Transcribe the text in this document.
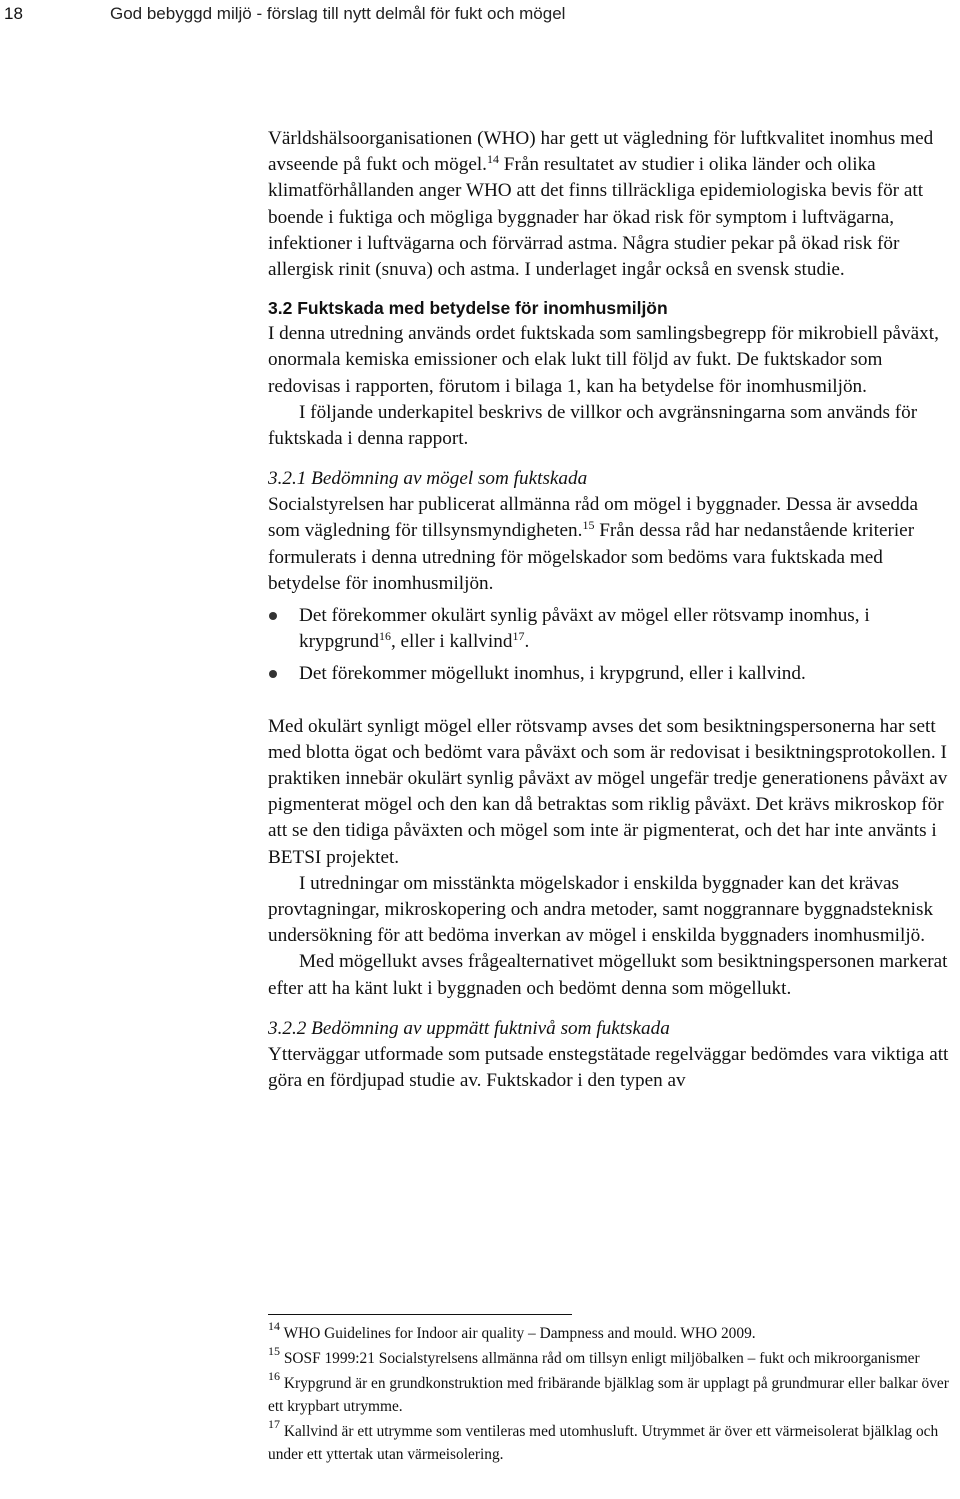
18	God bebyggd miljö - förslag till nytt delmål för fukt och mögel

Världshälsoorganisationen (WHO) har gett ut vägledning för luftkvalitet inomhus med avseende på fukt och mögel.$^{14}$ Från resultatet av studier i olika länder och olika klimatförhållanden anger WHO att det finns tillräckliga epidemiologiska bevis för att boende i fuktiga och mögliga byggnader har ökad risk för symptom i luftvägarna, infektioner i luftvägarna och förvärrad astma. Några studier pekar på ökad risk för allergisk rinit (snuva) och astma. I underlaget ingår också en svensk studie.

3.2 Fuktskada med betydelse för inomhusmiljön

I denna utredning används ordet fuktskada som samlingsbegrepp för mikrobiell påväxt, onormala kemiska emissioner och elak lukt till följd av fukt. De fuktskador som redovisas i rapporten, förutom i bilaga 1, kan ha betydelse för inomhusmiljön.

I följande underkapitel beskrivs de villkor och avgränsningarna som används för fuktskada i denna rapport.

3.2.1 Bedömning av mögel som fuktskada

Socialstyrelsen har publicerat allmänna råd om mögel i byggnader. Dessa är avsedda som vägledning för tillsynsmyndigheten.$^{15}$ Från dessa råd har nedanstående kriterier formulerats i denna utredning för mögelskador som bedöms vara fuktskada med betydelse för inomhusmiljön.

Det förekommer okulärt synlig påväxt av mögel eller rötsvamp inomhus, i krypgrund$^{16}$, eller i kallvind$^{17}$.
Det förekommer mögellukt inomhus, i krypgrund, eller i kallvind.

Med okulärt synligt mögel eller rötsvamp avses det som besiktningspersonerna har sett med blotta ögat och bedömt vara påväxt och som är redovisat i besiktningsprotokollen. I praktiken innebär okulärt synlig påväxt av mögel ungefär tredje generationens påväxt av pigmenterat mögel och den kan då betraktas som riklig påväxt. Det krävs mikroskop för att se den tidiga påväxten och mögel som inte är pigmenterat, och det har inte använts i BETSI projektet.

I utredningar om misstänkta mögelskador i enskilda byggnader kan det krävas provtagningar, mikroskopering och andra metoder, samt noggrannare byggnadsteknisk undersökning för att bedöma inverkan av mögel i enskilda byggnaders inomhusmiljö.

Med mögellukt avses frågealternativet mögellukt som besiktningspersonen markerat efter att ha känt lukt i byggnaden och bedömt denna som mögellukt.

3.2.2 Bedömning av uppmätt fuktnivå som fuktskada

Ytterväggar utformade som putsade enstegstätade regelväggar bedömdes vara viktiga att göra en fördjupad studie av. Fuktskador i den typen av

$^{14}$ WHO Guidelines for Indoor air quality – Dampness and mould. WHO 2009.

$^{15}$ SOSF 1999:21 Socialstyrelsens allmänna råd om tillsyn enligt miljöbalken – fukt och mikroorganismer

$^{16}$ Krypgrund är en grundkonstruktion med fribärande bjälklag som är upplagt på grundmurar eller balkar över ett krypbart utrymme.

$^{17}$ Kallvind är ett utrymme som ventileras med utomhusluft. Utrymmet är över ett värmeisolerat bjälklag och under ett yttertak utan värmeisolering.
